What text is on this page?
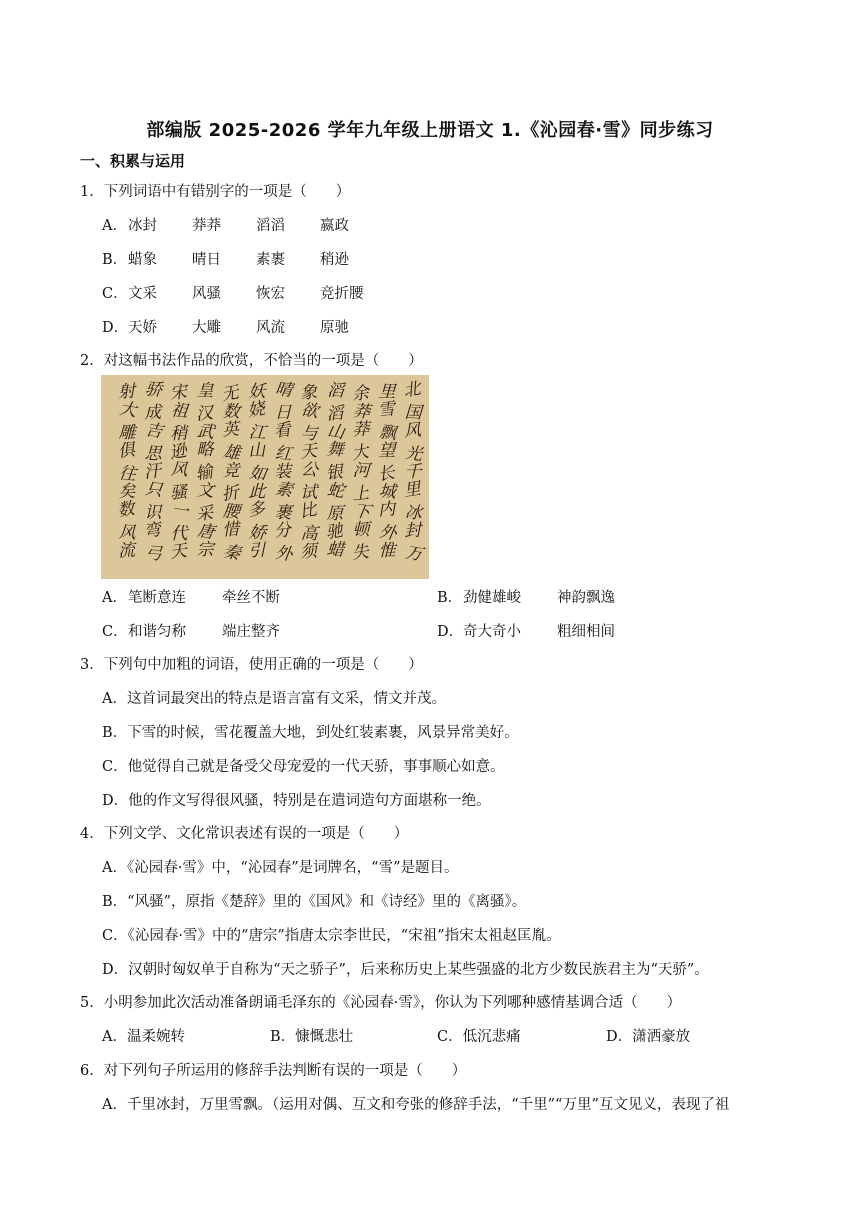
部编版 2025-2026 学年九年级上册语文 1.《沁园春·雪》同步练习
一、积累与运用
1．下列词语中有错别字的一项是（　　）
A．冰封 莽莽 滔滔 嬴政
B．蜡象 晴日 素裹 稍逊
C．文采 风骚 恢宏 竞折腰
D．天娇 大雕 风流 原驰
2．对这幅书法作品的欣赏，不恰当的一项是（　　）
北
国
风
光
千
里
冰
封
万
里
雪
飘
望
长
城
内
外
惟
余
莽
莽
大
河
上
下
顿
失
滔
滔
山
舞
银
蛇
原
驰
蜡
象
欲
与
天
公
试
比
高
须
晴
日
看
红
装
素
裹
分
外
妖
娆
江
山
如
此
多
娇
引
无
数
英
雄
竞
折
腰
惜
秦
皇
汉
武
略
输
文
采
唐
宗
宋
祖
稍
逊
风
骚
一
代
天
骄
成
吉
思
汗
只
识
弯
弓
射
大
雕
俱
往
矣
数
风
流
A．笔断意连 牵丝不断	B．劲健雄峻 神韵飘逸
C．和谐匀称 端庄整齐	D．奇大奇小 粗细相间
3．下列句中加粗的词语，使用正确的一项是（　　）
A．这首词最突出的特点是语言富有文采，情文并茂。
B．下雪的时候，雪花覆盖大地，到处红装素裹，风景异常美好。
C．他觉得自己就是备受父母宠爱的一代天骄，事事顺心如意。
D．他的作文写得很风骚，特别是在遣词造句方面堪称一绝。
4．下列文学、文化常识表述有误的一项是（　　）
A．《沁园春·雪》中，“沁园春”是词牌名，“雪”是题目。
B．“风骚”，原指《楚辞》里的《国风》和《诗经》里的《离骚》。
C．《沁园春·雪》中的“唐宗”指唐太宗李世民，“宋祖”指宋太祖赵匡胤。
D．汉朝时匈奴单于自称为“天之骄子”，后来称历史上某些强盛的北方少数民族君主为“天骄”。
5．小明参加此次活动准备朗诵毛泽东的《沁园春·雪》，你认为下列哪种感情基调合适（　　）
A．温柔婉转	B．慷慨悲壮	C．低沉悲痛	D．潇洒豪放
6．对下列句子所运用的修辞手法判断有误的一项是（　　）
A．千里冰封，万里雪飘。（运用对偶、互文和夸张的修辞手法，“千里”“万里”互文见义，表现了祖
